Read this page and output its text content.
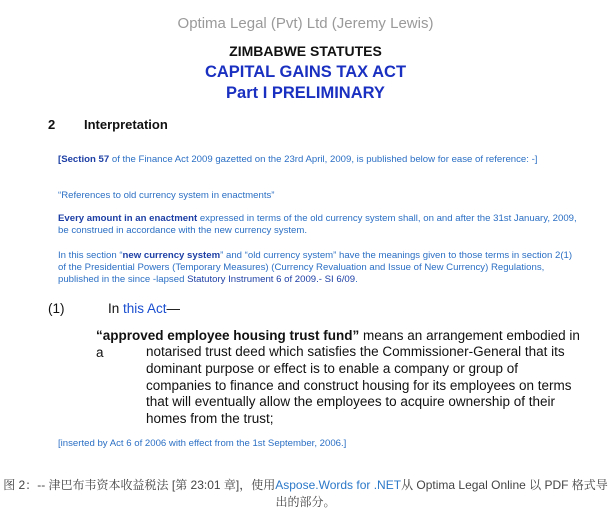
Optima Legal (Pvt) Ltd (Jeremy Lewis)

ZIMBABWE STATUTES

CAPITAL GAINS TAX ACT

Part I PRELIMINARY

2 Interpretation

[Section 57 of the Finance Act 2009 gazetted on the 23rd April, 2009, is published below for ease of reference: -]

“References to old currency system in enactments”

Every amount in an enactment expressed in terms of the old currency system shall, on and after the 31st January, 2009, be construed in accordance with the new currency system.

In this section “new currency system” and “old currency system” have the meanings given to those terms in section 2(1) of the Presidential Powers (Temporary Measures) (Currency Revaluation and Issue of New Currency) Regulations, published in the since -lapsed Statutory Instrument 6 of 2009.- SI 6/09.

(1)	In this Act—

“approved employee housing trust fund” means an arrangement embodied in a	notarised trust deed which satisfies the Commissioner-General that its dominant purpose or effect is to enable a company or group of companies to finance and construct housing for its employees on terms that will eventually allow the employees to acquire ownership of their homes from the trust;

[inserted by Act 6 of 2006 with effect from the 1st September, 2006.]

图 2：-- 津巴布韦资本收益税法 [第 23:01 章]，使用Aspose.Words for .NET从 Optima Legal Online 以 PDF 格式导出的部分。
